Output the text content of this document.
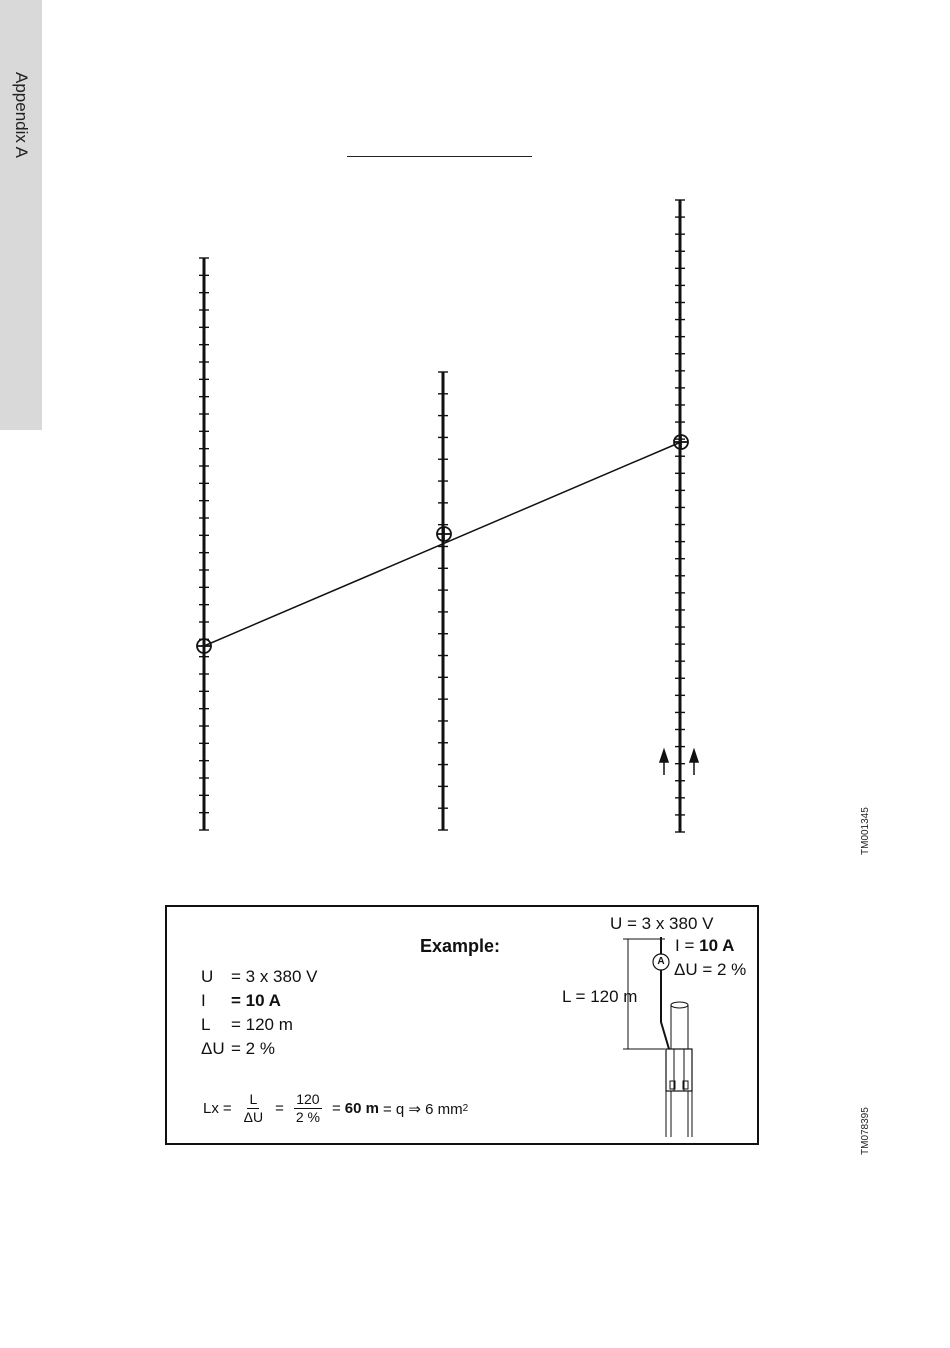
Appendix A
TM001345
TM078395
Example:
U	= 3 x 380 V
I	= 10 A
L	= 120 m
ΔU = 2 %
$Lx = \frac{L}{\Delta U} = \frac{120}{2 \%} = 60$ m = q ⇒ 6 mm 2
U = 3 x 380 V
I = 10 A
A ΔU = 2 %
L = 120 m
